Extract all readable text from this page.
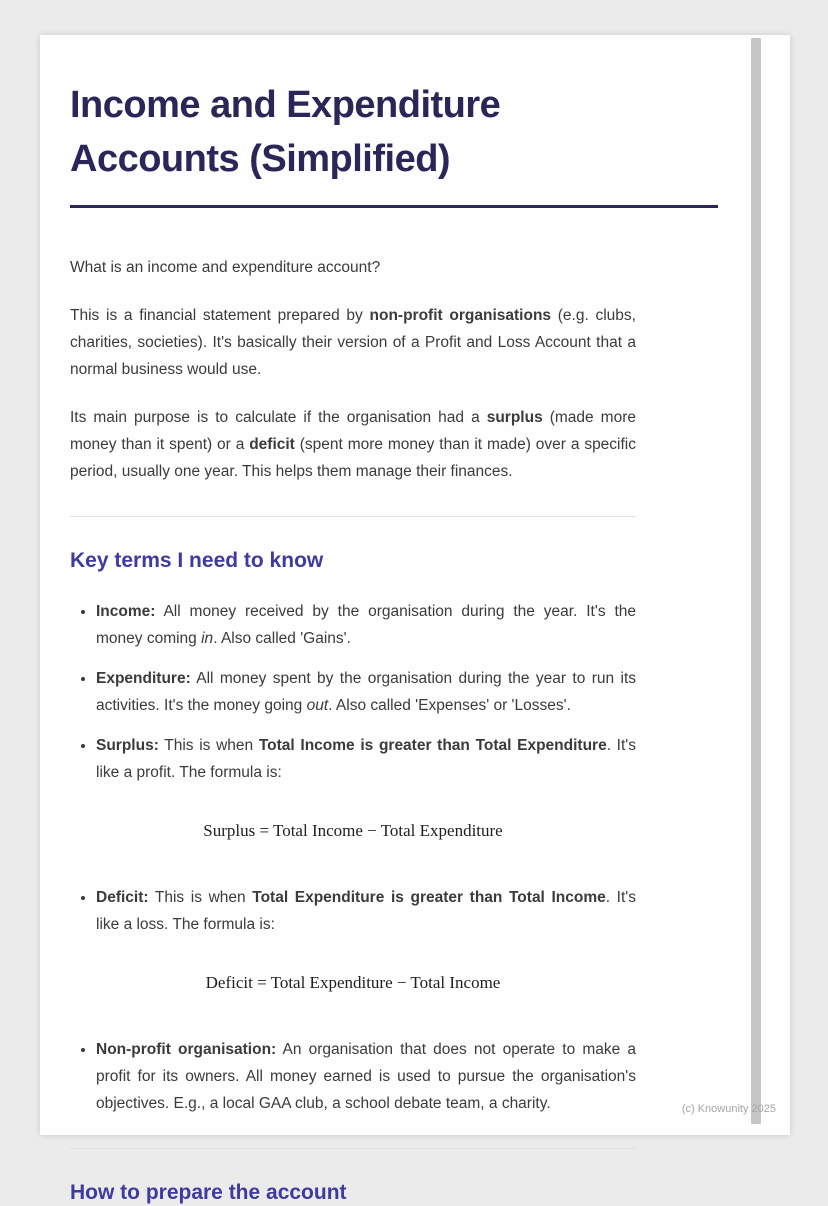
Income and Expenditure Accounts (Simplified)

What is an income and expenditure account?

This is a financial statement prepared by non-profit organisations (e.g. clubs, charities, societies). It's basically their version of a Profit and Loss Account that a normal business would use.

Its main purpose is to calculate if the organisation had a surplus (made more money than it spent) or a deficit (spent more money than it made) over a specific period, usually one year. This helps them manage their finances.

Key terms I need to know
• Income: All money received by the organisation during the year. It's the money coming in. Also called 'Gains'.
• Expenditure: All money spent by the organisation during the year to run its activities. It's the money going out. Also called 'Expenses' or 'Losses'.
• Surplus: This is when Total Income is greater than Total Expenditure. It's like a profit. The formula is:
Surplus = Total Income − Total Expenditure
• Deficit: This is when Total Expenditure is greater than Total Income. It's like a loss. The formula is:
Deficit = Total Expenditure − Total Income
• Non-profit organisation: An organisation that does not operate to make a profit for its owners. All money earned is used to pursue the organisation's objectives. E.g., a local GAA club, a school debate team, a charity.
How to prepare the account
(c) Knowunity 2025
